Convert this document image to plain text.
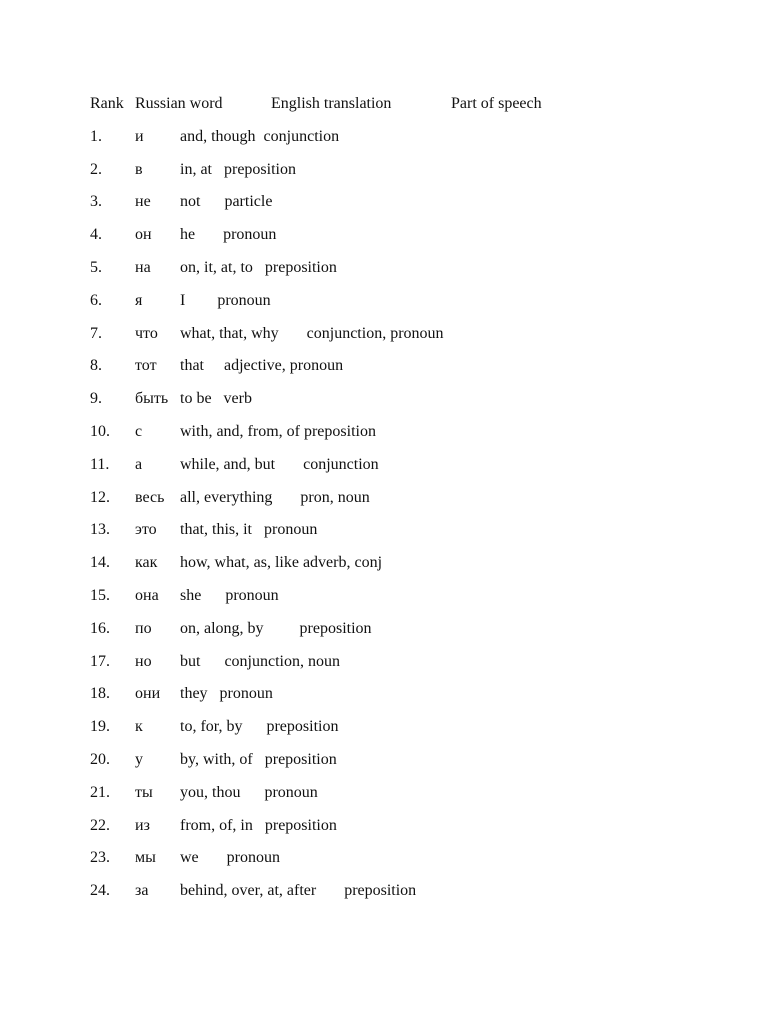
Rank

Russian word

	English translation

	Part of speech

1. и and, though  conjunction
2. в in, at   preposition
3. не not      particle
4. он he       pronoun
5. на on, it, at, to   preposition
6. я I        pronoun
7. что what, that, why       conjunction, pronoun
8. тот that     adjective, pronoun
9. быть to be   verb
10. с with, and, from, of preposition
11. а while, and, but       conjunction
12. весь all, everything       pron, noun
13. это that, this, it   pronoun
14. как how, what, as, like adverb, conj
15. она she      pronoun
16. по on, along, by         preposition
17. но but      conjunction, noun
18. они they   pronoun
19. к to, for, by      preposition
20. у by, with, of   preposition
21. ты you, thou      pronoun
22. из from, of, in   preposition
23. мы we       pronoun
24. за behind, over, at, after       preposition
